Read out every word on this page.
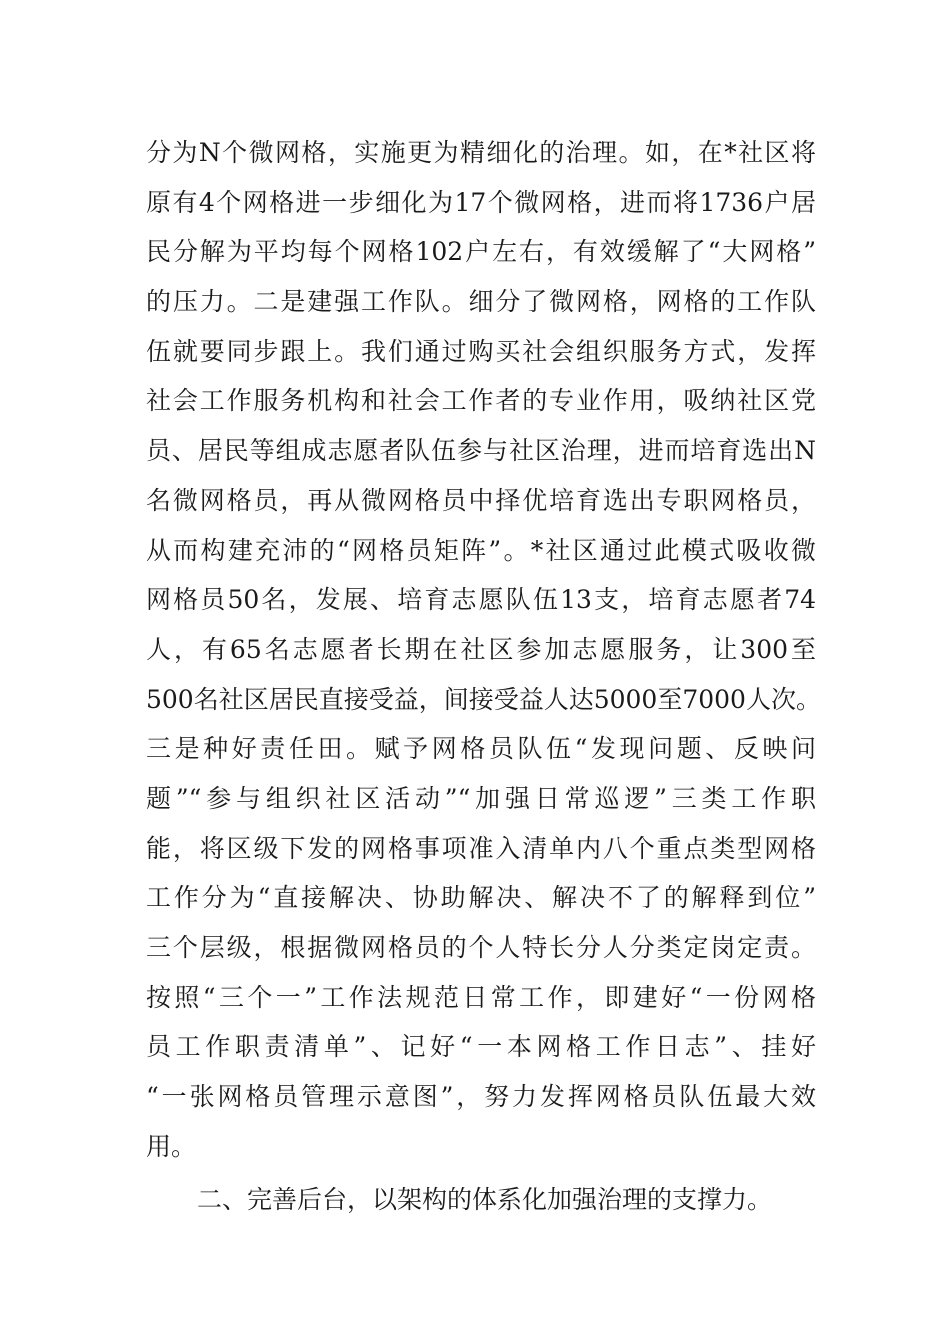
分为N个微网格，实施更为精细化的治理。如，在*社区将
原有4个网格进一步细化为17个微网格，进而将1736户居
民分解为平均每个网格102户左右，有效缓解了“大网格”
的压力。二是建强工作队。细分了微网格，网格的工作队
伍就要同步跟上。我们通过购买社会组织服务方式，发挥
社会工作服务机构和社会工作者的专业作用，吸纳社区党
员、居民等组成志愿者队伍参与社区治理，进而培育选出N
名微网格员，再从微网格员中择优培育选出专职网格员，
从而构建充沛的“网格员矩阵”。*社区通过此模式吸收微
网格员50名，发展、培育志愿队伍13支，培育志愿者74
人，有65名志愿者长期在社区参加志愿服务，让300至
500名社区居民直接受益，间接受益人达5000至7000人次。
三是种好责任田。赋予网格员队伍“发现问题、反映问
题”“参与组织社区活动”“加强日常巡逻”三类工作职
能，将区级下发的网格事项准入清单内八个重点类型网格
工作分为“直接解决、协助解决、解决不了的解释到位”
三个层级，根据微网格员的个人特长分人分类定岗定责。
按照“三个一”工作法规范日常工作，即建好“一份网格
员工作职责清单”、记好“一本网格工作日志”、挂好
“一张网格员管理示意图”，努力发挥网格员队伍最大效
用。
二、完善后台，以架构的体系化加强治理的支撑力。
